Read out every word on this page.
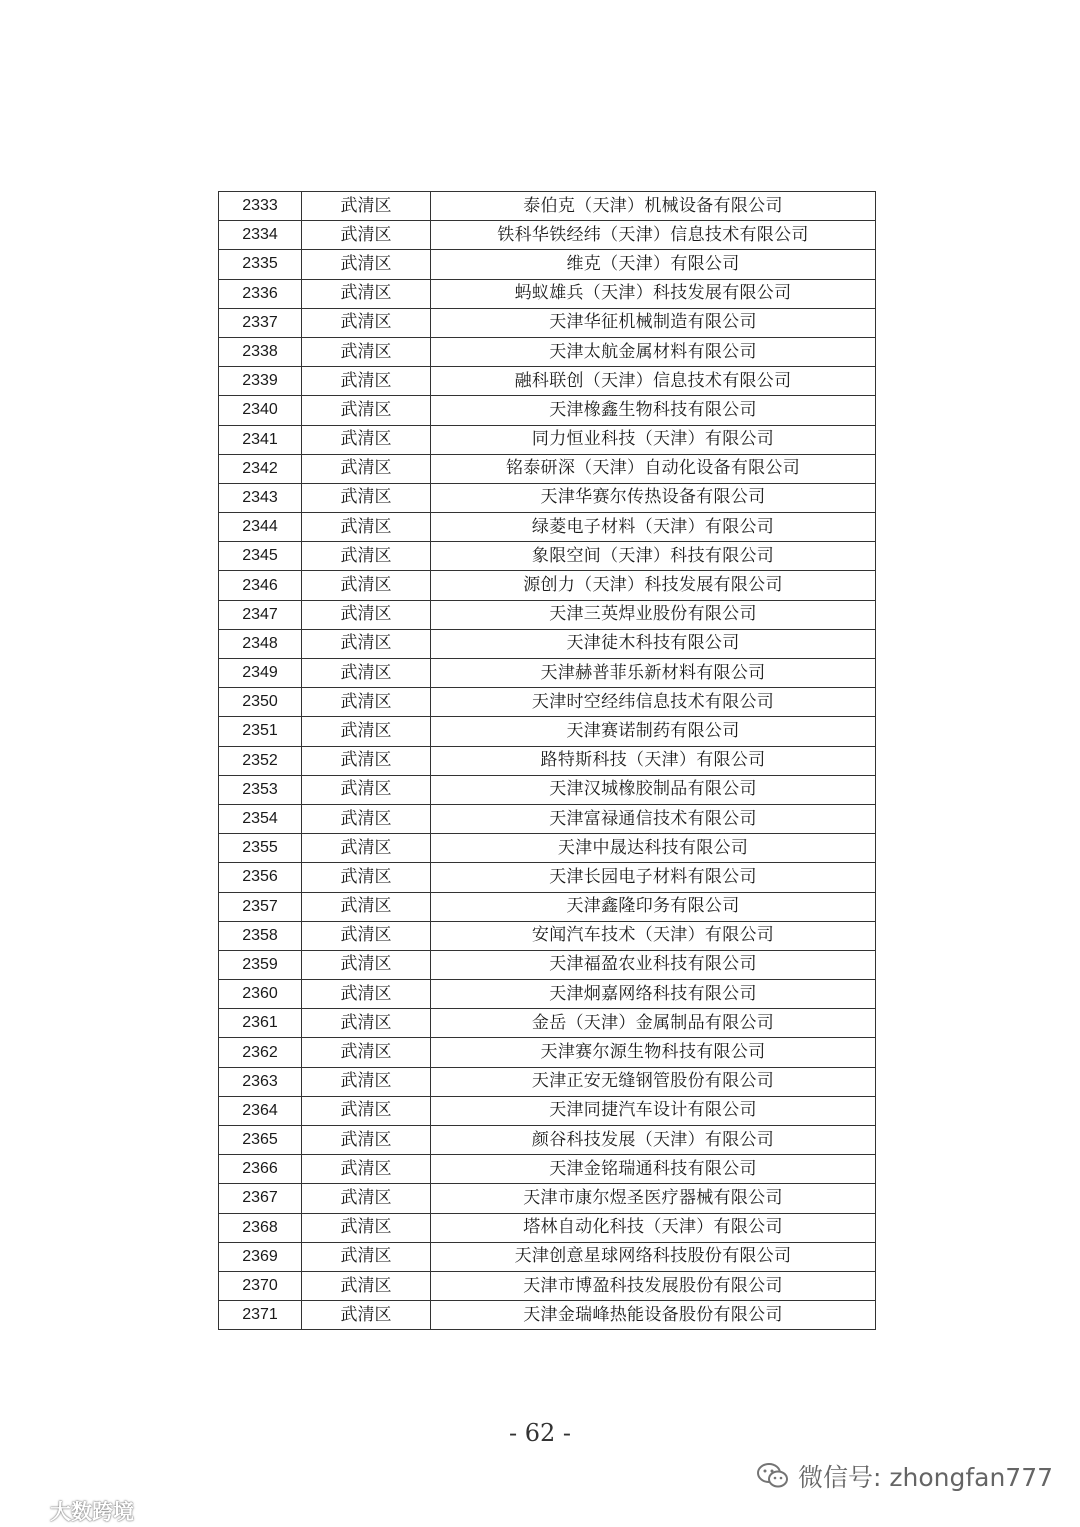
2333	武清区	泰伯克（天津）机械设备有限公司
2334	武清区	铁科华铁经纬（天津）信息技术有限公司
2335	武清区	维克（天津）有限公司
2336	武清区	蚂蚁雄兵（天津）科技发展有限公司
2337	武清区	天津华征机械制造有限公司
2338	武清区	天津太航金属材料有限公司
2339	武清区	融科联创（天津）信息技术有限公司
2340	武清区	天津橡鑫生物科技有限公司
2341	武清区	同力恒业科技（天津）有限公司
2342	武清区	铭泰研深（天津）自动化设备有限公司
2343	武清区	天津华赛尔传热设备有限公司
2344	武清区	绿菱电子材料（天津）有限公司
2345	武清区	象限空间（天津）科技有限公司
2346	武清区	源创力（天津）科技发展有限公司
2347	武清区	天津三英焊业股份有限公司
2348	武清区	天津徒木科技有限公司
2349	武清区	天津赫普菲乐新材料有限公司
2350	武清区	天津时空经纬信息技术有限公司
2351	武清区	天津赛诺制药有限公司
2352	武清区	路特斯科技（天津）有限公司
2353	武清区	天津汉城橡胶制品有限公司
2354	武清区	天津富禄通信技术有限公司
2355	武清区	天津中晟达科技有限公司
2356	武清区	天津长园电子材料有限公司
2357	武清区	天津鑫隆印务有限公司
2358	武清区	安闻汽车技术（天津）有限公司
2359	武清区	天津福盈农业科技有限公司
2360	武清区	天津炯嘉网络科技有限公司
2361	武清区	金岳（天津）金属制品有限公司
2362	武清区	天津赛尔源生物科技有限公司
2363	武清区	天津正安无缝钢管股份有限公司
2364	武清区	天津同捷汽车设计有限公司
2365	武清区	颜谷科技发展（天津）有限公司
2366	武清区	天津金铭瑞通科技有限公司
2367	武清区	天津市康尔煜圣医疗器械有限公司
2368	武清区	塔林自动化科技（天津）有限公司
2369	武清区	天津创意星球网络科技股份有限公司
2370	武清区	天津市博盈科技发展股份有限公司
2371	武清区	天津金瑞峰热能设备股份有限公司
- 62 -
微信号: zhongfan777
大数跨境
